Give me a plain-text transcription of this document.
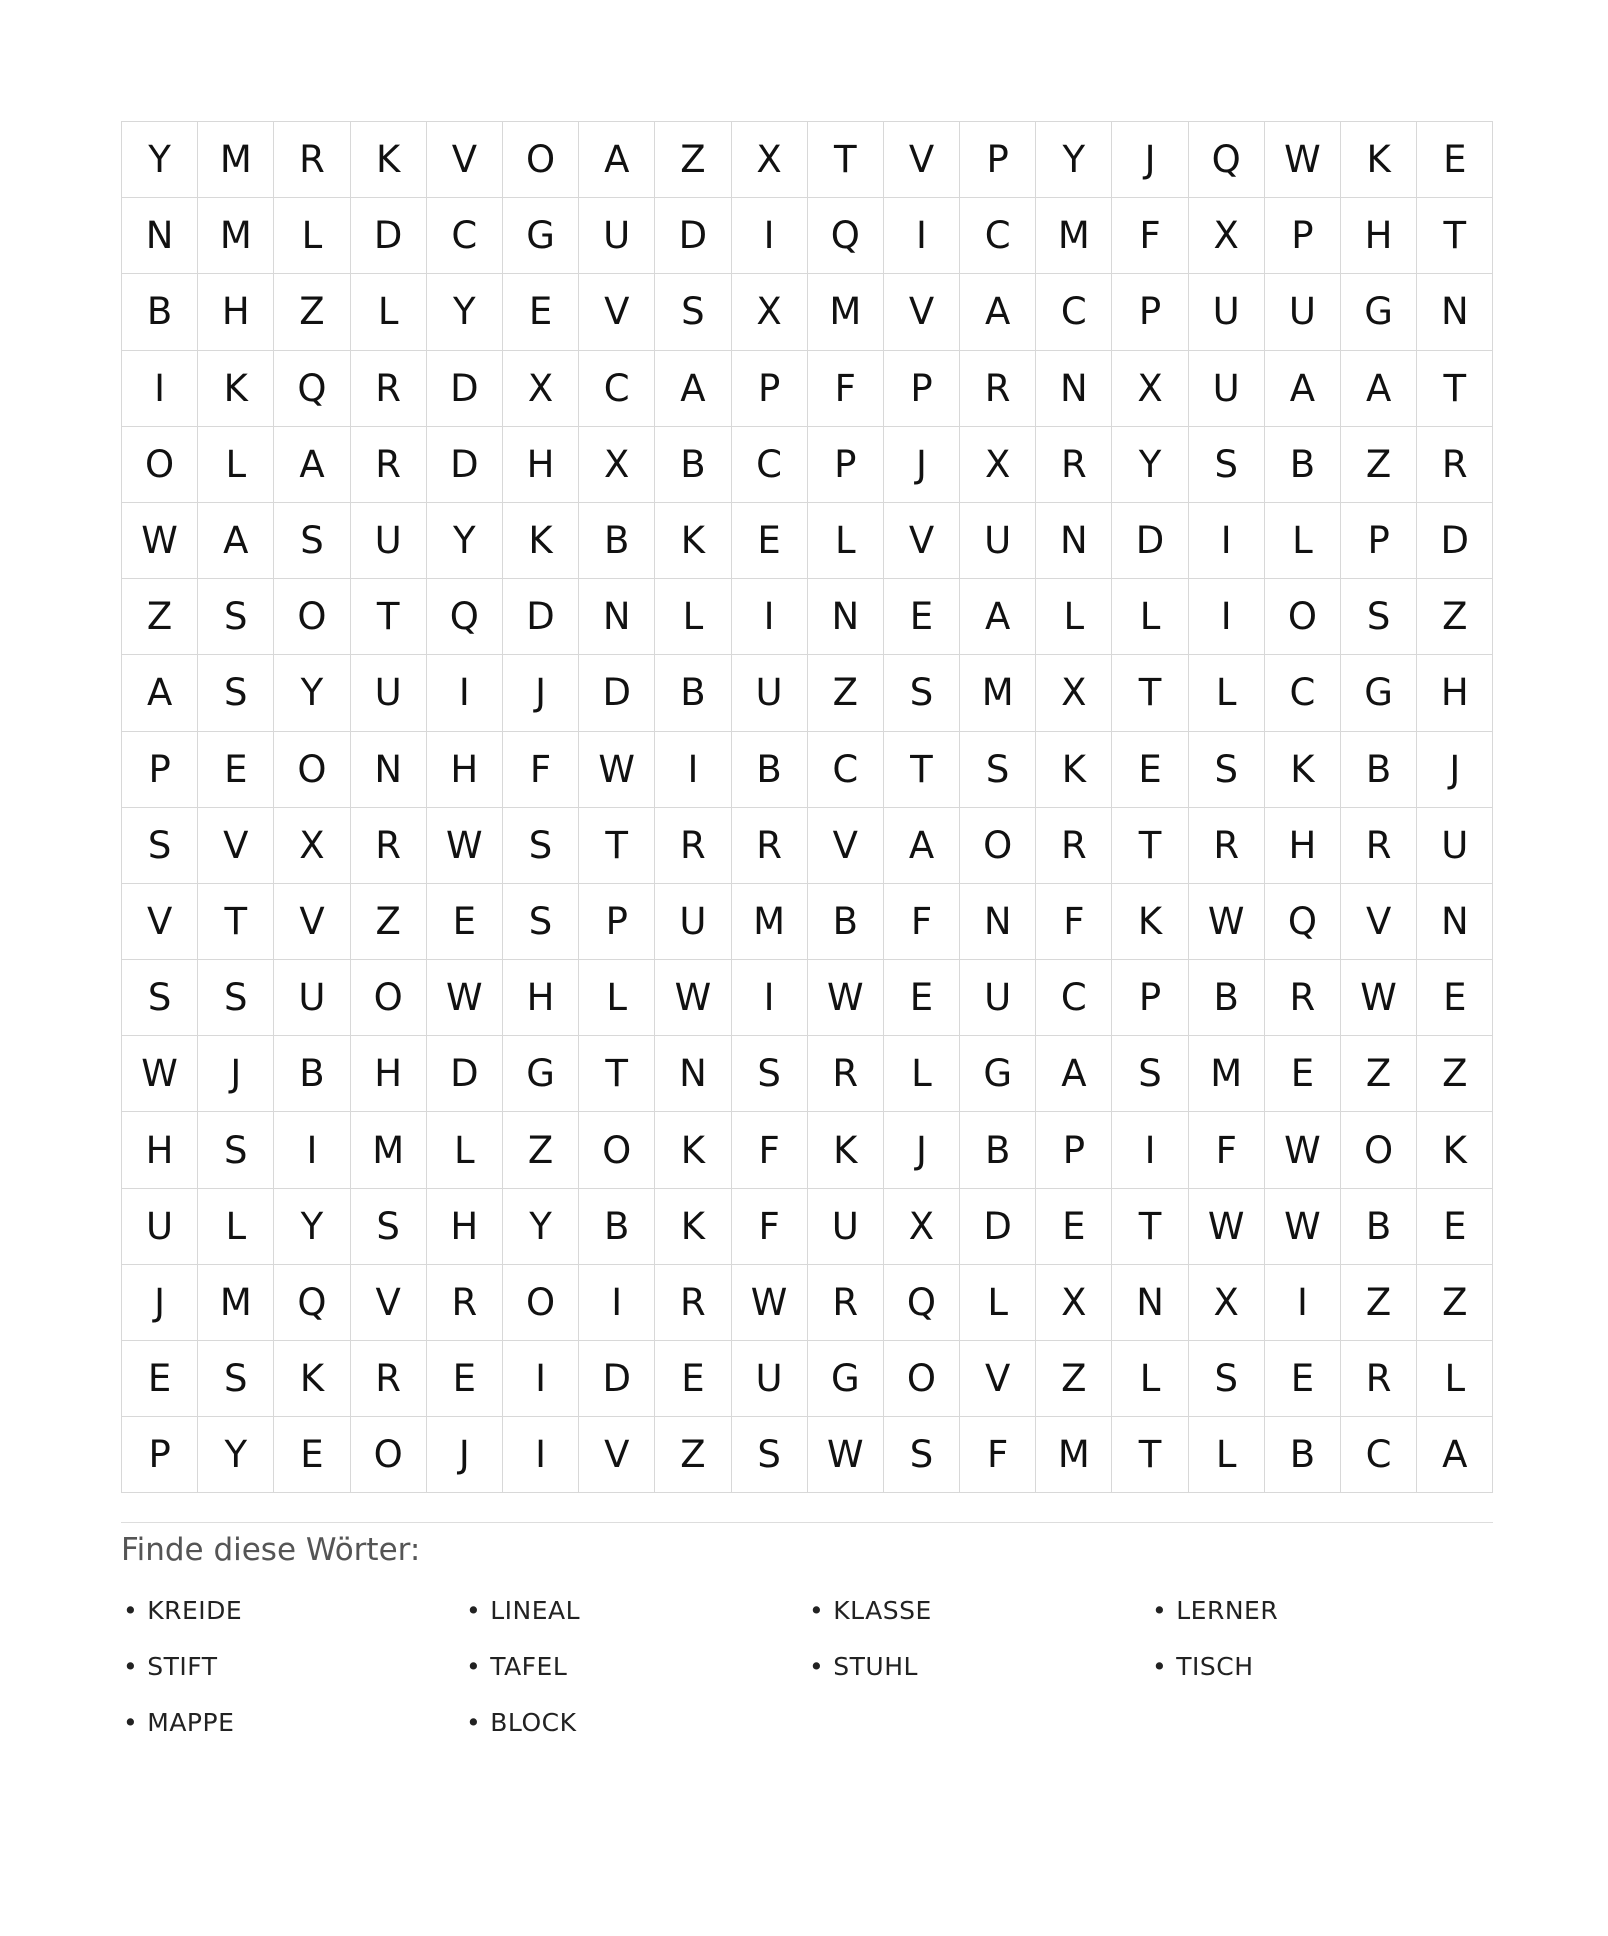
Y	M	R	K	V	O	A	Z	X	T	V	P	Y	J	Q	W	K	E
N	M	L	D	C	G	U	D	I	Q	I	C	M	F	X	P	H	T
B	H	Z	L	Y	E	V	S	X	M	V	A	C	P	U	U	G	N
I	K	Q	R	D	X	C	A	P	F	P	R	N	X	U	A	A	T
O	L	A	R	D	H	X	B	C	P	J	X	R	Y	S	B	Z	R
W	A	S	U	Y	K	B	K	E	L	V	U	N	D	I	L	P	D
Z	S	O	T	Q	D	N	L	I	N	E	A	L	L	I	O	S	Z
A	S	Y	U	I	J	D	B	U	Z	S	M	X	T	L	C	G	H
P	E	O	N	H	F	W	I	B	C	T	S	K	E	S	K	B	J
S	V	X	R	W	S	T	R	R	V	A	O	R	T	R	H	R	U
V	T	V	Z	E	S	P	U	M	B	F	N	F	K	W	Q	V	N
S	S	U	O	W	H	L	W	I	W	E	U	C	P	B	R	W	E
W	J	B	H	D	G	T	N	S	R	L	G	A	S	M	E	Z	Z
H	S	I	M	L	Z	O	K	F	K	J	B	P	I	F	W	O	K
U	L	Y	S	H	Y	B	K	F	U	X	D	E	T	W	W	B	E
J	M	Q	V	R	O	I	R	W	R	Q	L	X	N	X	I	Z	Z
E	S	K	R	E	I	D	E	U	G	O	V	Z	L	S	E	R	L
P	Y	E	O	J	I	V	Z	S	W	S	F	M	T	L	B	C	A
Finde diese Wörter:
• KREIDE	• LINEAL	• KLASSE	• LERNER
• STIFT	• TAFEL	• STUHL	• TISCH
• MAPPE	• BLOCK
